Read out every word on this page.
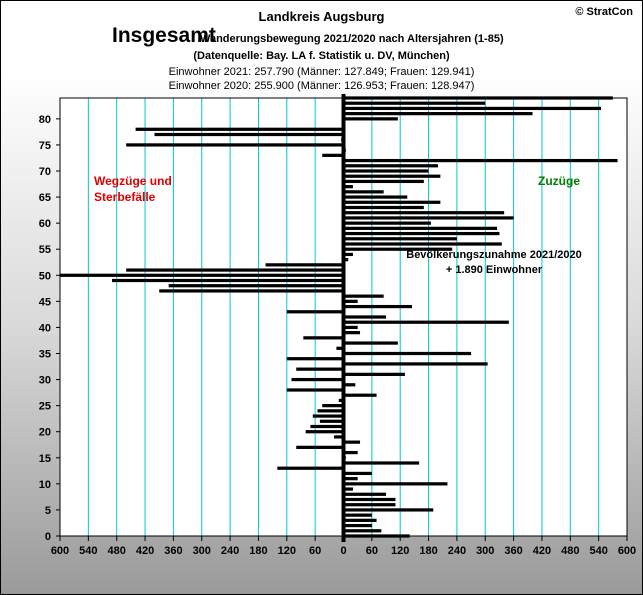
Landkreis Augsburg	© StratCon
Insgesamt
Wanderungsbewegung 2021/2020 nach Altersjahren (1-85)
(Datenquelle: Bay. LA f. Statistik u. DV, München)
Einwohner 2021: 257.790 (Männer: 127.849; Frauen: 129.941)
Einwohner 2020: 255.900 (Männer: 126.953; Frauen: 128.947)
600 540 480 420 360 300 240 180 120 60 0 60 120 180 240 300 360 420 480 540 600
0
5
10
15
20
25
30
35
40
45
50
55
60
65
70
75
80
Wegzüge und
Sterbefälle
Zuzüge
Bevölkerungszunahme 2021/2020
+ 1.890 Einwohner
